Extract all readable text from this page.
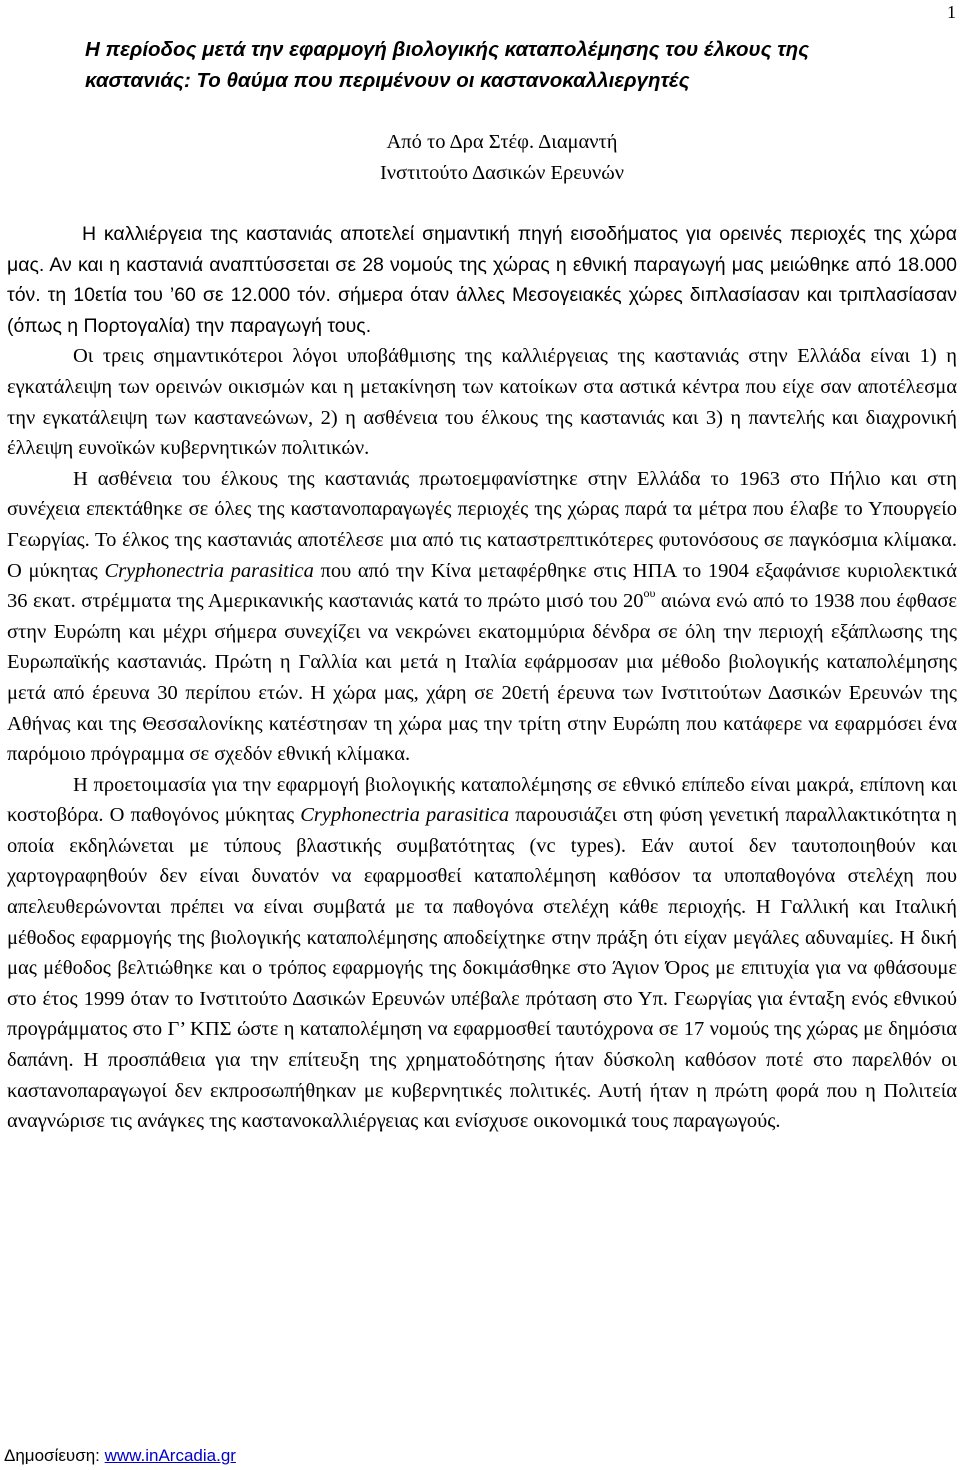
1
Η περίοδος μετά την εφαρμογή βιολογικής καταπολέμησης του έλκους της
καστανιάς: Το θαύμα που περιμένουν οι καστανοκαλλιεργητές
Από το Δρα Στέφ. Διαμαντή
Ινστιτούτο Δασικών Ερευνών

Η καλλιέργεια της καστανιάς αποτελεί σημαντική πηγή εισοδήματος για ορεινές περιοχές της χώρα μας. Αν και η καστανιά αναπτύσσεται σε 28 νομούς της χώρας η εθνική παραγωγή μας μειώθηκε από 18.000 τόν. τη 10ετία του ’60 σε 12.000 τόν. σήμερα όταν άλλες Μεσογειακές χώρες διπλασίασαν και τριπλασίασαν (όπως η Πορτογαλία) την παραγωγή τους.

Οι τρεις σημαντικότεροι λόγοι υποβάθμισης της καλλιέργειας της καστανιάς στην Ελλάδα είναι 1) η εγκατάλειψη των ορεινών οικισμών και η μετακίνηση των κατοίκων στα αστικά κέντρα που είχε σαν αποτέλεσμα την εγκατάλειψη των καστανεώνων, 2) η ασθένεια του έλκους της καστανιάς και 3) η παντελής και διαχρονική έλλειψη ευνοϊκών κυβερνητικών πολιτικών.

Η ασθένεια του έλκους της καστανιάς πρωτοεμφανίστηκε στην Ελλάδα το 1963 στο Πήλιο και στη συνέχεια επεκτάθηκε σε όλες της καστανοπαραγωγές περιοχές της χώρας παρά τα μέτρα που έλαβε το Υπουργείο Γεωργίας. Το έλκος της καστανιάς αποτέλεσε μια από τις καταστρεπτικότερες φυτονόσους σε παγκόσμια κλίμακα. Ο μύκητας Cryphonectria parasitica που από την Κίνα μεταφέρθηκε στις ΗΠΑ το 1904 εξαφάνισε κυριολεκτικά 36 εκατ. στρέμματα της Αμερικανικής καστανιάς κατά το πρώτο μισό του $20^{o\upsilon}$ αιώνα ενώ από το 1938 που έφθασε στην Ευρώπη και μέχρι σήμερα συνεχίζει να νεκρώνει εκατομμύρια δένδρα σε όλη την περιοχή εξάπλωσης της Ευρωπαϊκής καστανιάς. Πρώτη η Γαλλία και μετά η Ιταλία εφάρμοσαν μια μέθοδο βιολογικής καταπολέμησης μετά από έρευνα 30 περίπου ετών. Η χώρα μας, χάρη σε 20ετή έρευνα των Ινστιτούτων Δασικών Ερευνών της Αθήνας και της Θεσσαλονίκης κατέστησαν τη χώρα μας την τρίτη στην Ευρώπη που κατάφερε να εφαρμόσει ένα παρόμοιο πρόγραμμα σε σχεδόν εθνική κλίμακα.

Η προετοιμασία για την εφαρμογή βιολογικής καταπολέμησης σε εθνικό επίπεδο είναι μακρά, επίπονη και κοστοβόρα. Ο παθογόνος μύκητας Cryphonectria parasitica παρουσιάζει στη φύση γενετική παραλλακτικότητα η οποία εκδηλώνεται με τύπους βλαστικής συμβατότητας (vc types). Εάν αυτοί δεν ταυτοποιηθούν και χαρτογραφηθούν δεν είναι δυνατόν να εφαρμοσθεί καταπολέμηση καθόσον τα υποπαθογόνα στελέχη που απελευθερώνονται πρέπει να είναι συμβατά με τα παθογόνα στελέχη κάθε περιοχής. Η Γαλλική και Ιταλική μέθοδος εφαρμογής της βιολογικής καταπολέμησης αποδείχτηκε στην πράξη ότι είχαν μεγάλες αδυναμίες. Η δική μας μέθοδος βελτιώθηκε και ο τρόπος εφαρμογής της δοκιμάσθηκε στο Άγιον Όρος με επιτυχία για να φθάσουμε στο έτος 1999 όταν το Ινστιτούτο Δασικών Ερευνών υπέβαλε πρόταση στο Υπ. Γεωργίας για ένταξη ενός εθνικού προγράμματος στο Γ’ ΚΠΣ ώστε η καταπολέμηση να εφαρμοσθεί ταυτόχρονα σε 17 νομούς της χώρας με δημόσια δαπάνη. Η προσπάθεια για την επίτευξη της χρηματοδότησης ήταν δύσκολη καθόσον ποτέ στο παρελθόν οι καστανοπαραγωγοί δεν εκπροσωπήθηκαν με κυβερνητικές πολιτικές. Αυτή ήταν η πρώτη φορά που η Πολιτεία αναγνώρισε τις ανάγκες της καστανοκαλλιέργειας και ενίσχυσε οικονομικά τους παραγωγούς.

Δημοσίευση: www.inArcadia.gr
